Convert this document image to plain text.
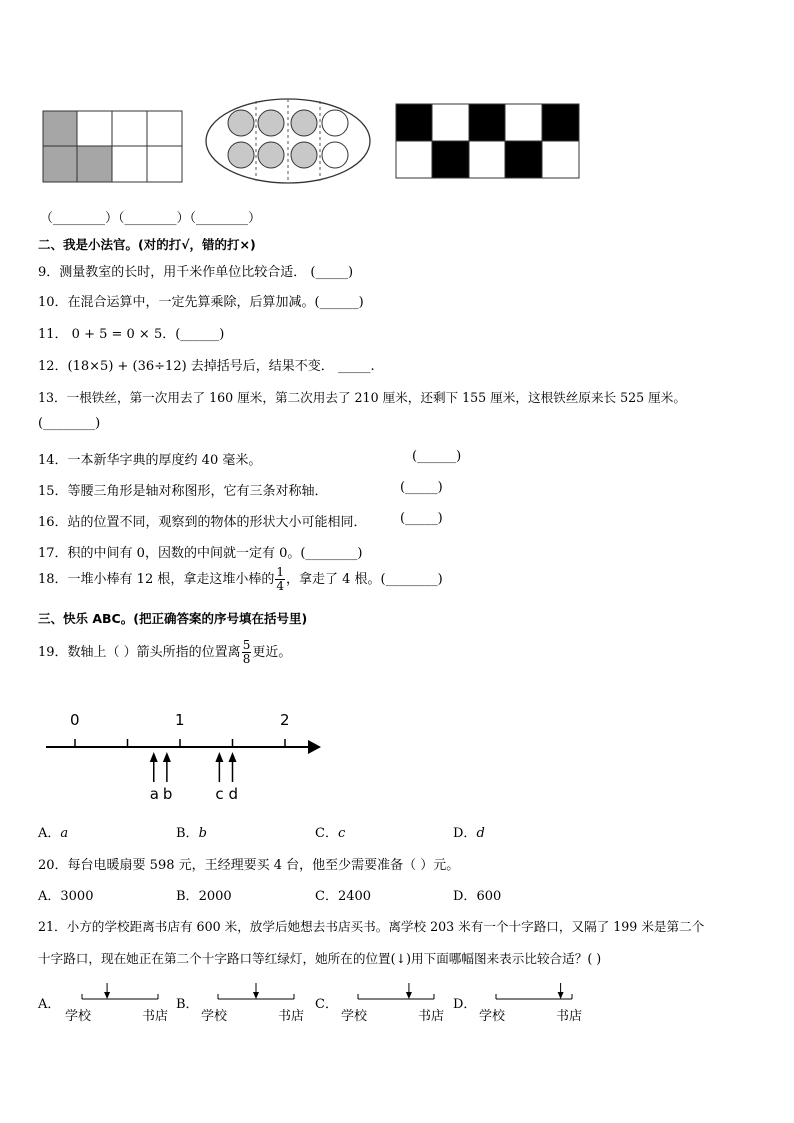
（________）（________）（________）
二、我是小法官。(对的打√，错的打×)
9．测量教室的长时，用千米作单位比较合适． (_____)
10．在混合运算中，一定先算乘除，后算加减。(______)
11． 0 + 5 = 0 × 5．(______)
12．(18×5) + (36÷12) 去掉括号后，结果不变． _____.
13．一根铁丝，第一次用去了 160 厘米，第二次用去了 210 厘米，还剩下 155 厘米，这根铁丝原来长 525 厘米。
(________)
14．一本新华字典的厚度约 40 毫米。	(______)
15．等腰三角形是轴对称图形，它有三条对称轴．	(_____)
16．站的位置不同，观察到的物体的形状大小可能相同．	(_____)
17．积的中间有 0，因数的中间就一定有 0。(________)
18．一堆小棒有 12 根，拿走这堆小棒的 $\frac{1}{4}$ ，拿走了 4 根。(________)
三、快乐 ABC。(把正确答案的序号填在括号里)
19．数轴上（ ）箭头所指的位置离 $\frac{5}{8}$ 更近。
0	1	2
a b	c d
A．a	B．b	C．c	D．d
20．每台电暖扇要 598 元，王经理要买 4 台，他至少需要准备（ ）元。
A．3000	B．2000	C．2400	D．600
21．小方的学校距离书店有 600 米，放学后她想去书店买书。离学校 203 米有一个十字路口，又隔了 199 米是第二个
十字路口，现在她正在第二个十字路口等红绿灯，她所在的位置(↓)用下面哪幅图来表示比较合适？( )
A．
学校	书店
B．
学校	书店
C．
学校	书店
D．
学校	书店
